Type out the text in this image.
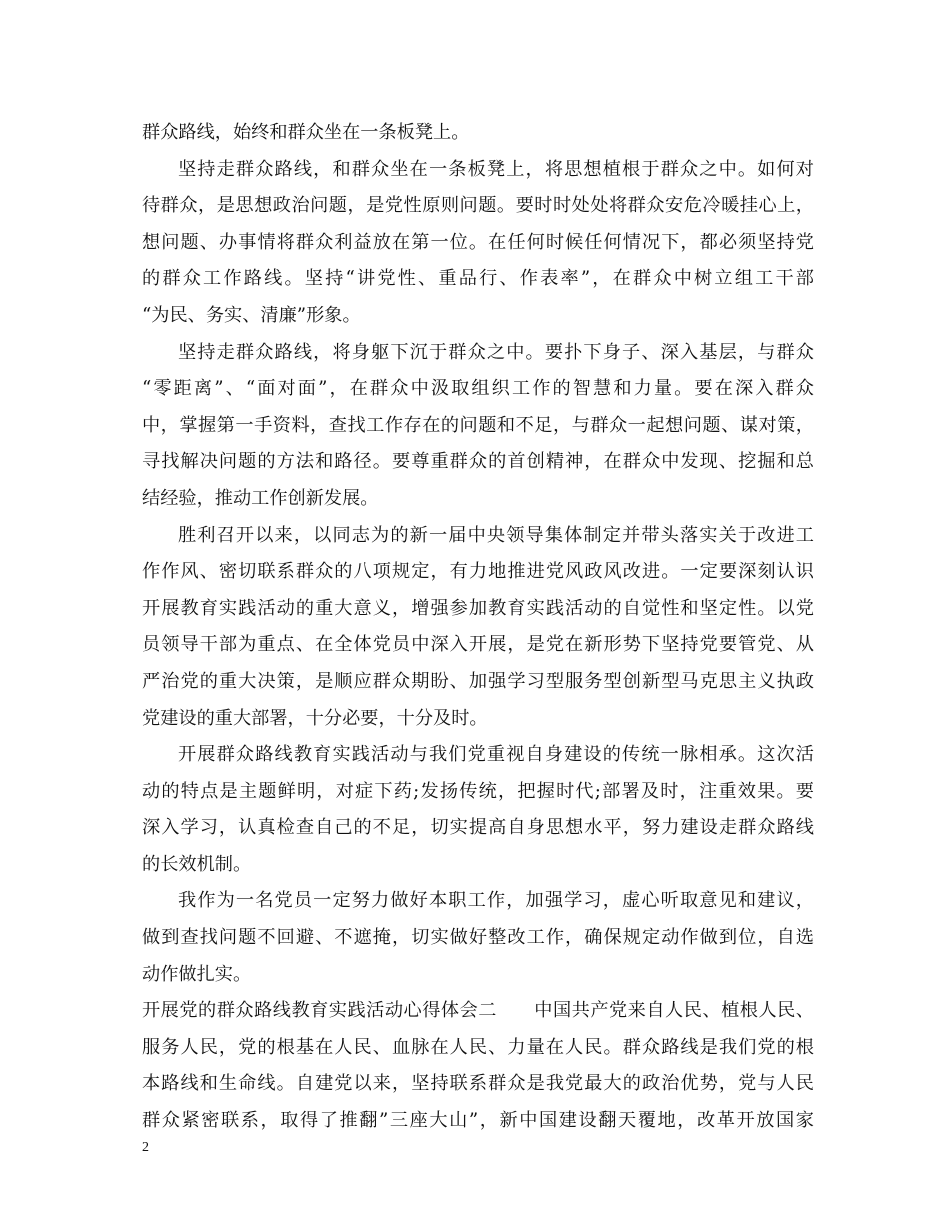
群众路线，始终和群众坐在一条板凳上。
坚持走群众路线，和群众坐在一条板凳上，将思想植根于群众之中。如何对
待群众，是思想政治问题，是党性原则问题。要时时处处将群众安危冷暖挂心上，
想问题、办事情将群众利益放在第一位。在任何时候任何情况下，都必须坚持党
的群众工作路线。坚持“讲党性、重品行、作表率”，在群众中树立组工干部
“为民、务实、清廉”形象。
坚持走群众路线，将身躯下沉于群众之中。要扑下身子、深入基层，与群众
“零距离”、“面对面”，在群众中汲取组织工作的智慧和力量。要在深入群众
中，掌握第一手资料，查找工作存在的问题和不足，与群众一起想问题、谋对策，
寻找解决问题的方法和路径。要尊重群众的首创精神，在群众中发现、挖掘和总
结经验，推动工作创新发展。
胜利召开以来，以同志为的新一届中央领导集体制定并带头落实关于改进工
作作风、密切联系群众的八项规定，有力地推进党风政风改进。一定要深刻认识
开展教育实践活动的重大意义，增强参加教育实践活动的自觉性和坚定性。以党
员领导干部为重点、在全体党员中深入开展，是党在新形势下坚持党要管党、从
严治党的重大决策，是顺应群众期盼、加强学习型服务型创新型马克思主义执政
党建设的重大部署，十分必要，十分及时。
开展群众路线教育实践活动与我们党重视自身建设的传统一脉相承。这次活
动的特点是主题鲜明，对症下药;发扬传统，把握时代;部署及时，注重效果。要
深入学习，认真检查自己的不足，切实提高自身思想水平，努力建设走群众路线
的长效机制。
我作为一名党员一定努力做好本职工作，加强学习，虚心听取意见和建议，
做到查找问题不回避、不遮掩，切实做好整改工作，确保规定动作做到位，自选
动作做扎实。
开展党的群众路线教育实践活动心得体会二　　中国共产党来自人民、植根人民、
服务人民，党的根基在人民、血脉在人民、力量在人民。群众路线是我们党的根
本路线和生命线。自建党以来，坚持联系群众是我党最大的政治优势，党与人民
群众紧密联系，取得了推翻”三座大山”，新中国建设翻天覆地，改革开放国家
2
